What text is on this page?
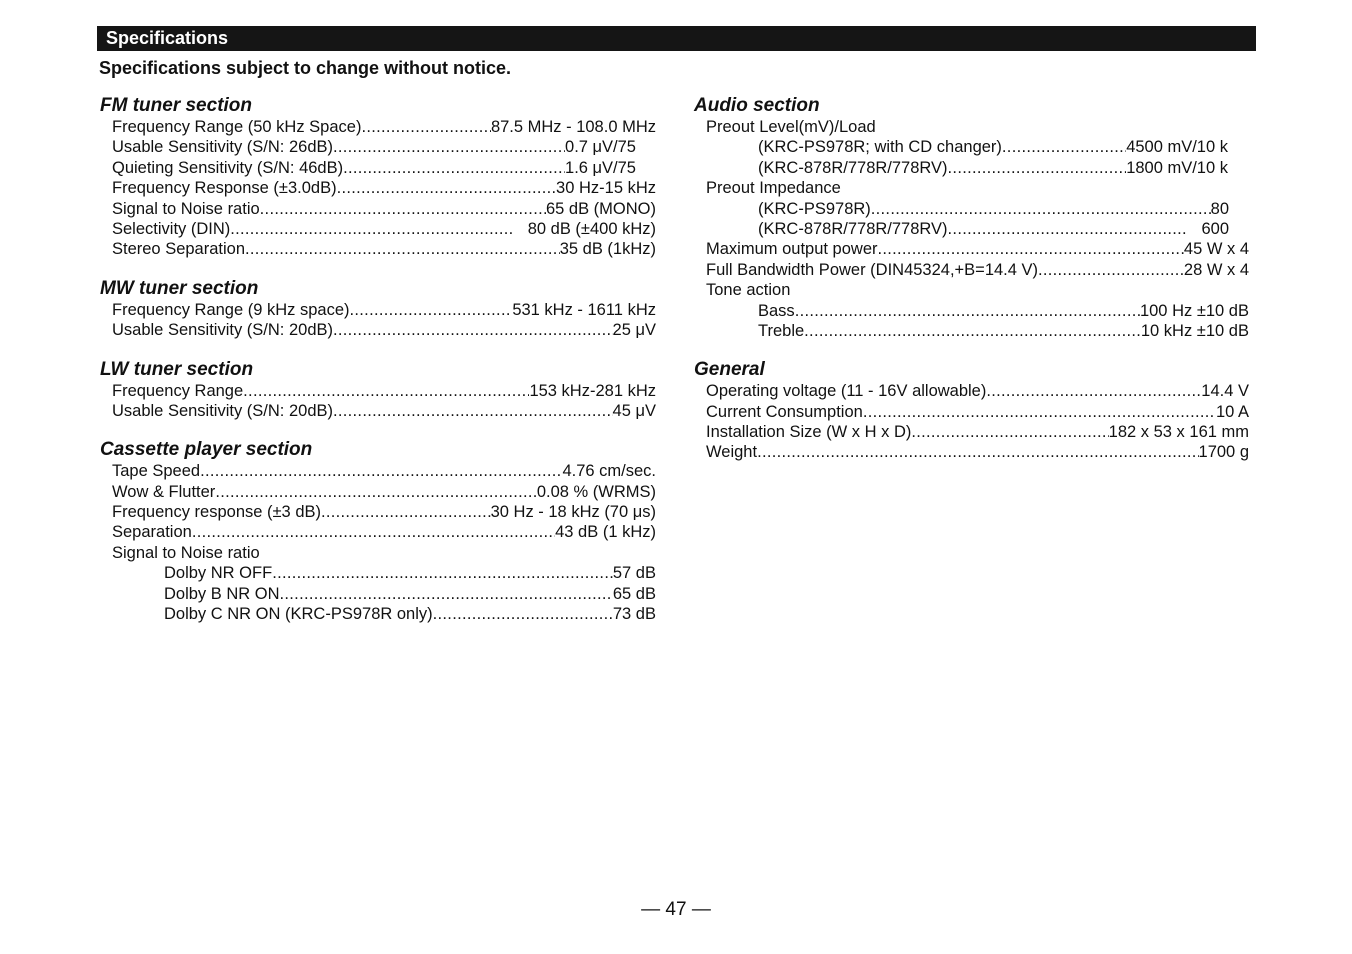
Specifications
Specifications subject to change without notice.
FM tuner section
Frequency Range (50 kHz Space) .....	87.5 MHz - 108.0 MHz
Usable Sensitivity (S/N: 26dB) .....	0.7 μV/75
Quieting Sensitivity (S/N: 46dB) .....	1.6 μV/75
Frequency Response (±3.0dB) .....	30 Hz-15 kHz
Signal to Noise ratio .....	65 dB (MONO)
Selectivity (DIN) .....	80 dB (±400 kHz)
Stereo Separation .....	35 dB (1kHz)
MW tuner section
Frequency Range (9 kHz space) .....	531 kHz - 1611 kHz
Usable Sensitivity (S/N: 20dB) .....	25 μV
LW tuner section
Frequency Range .....	153 kHz-281 kHz
Usable Sensitivity (S/N: 20dB) .....	45 μV
Cassette player section
Tape Speed .....	4.76 cm/sec.
Wow & Flutter .....	0.08 % (WRMS)
Frequency response (±3 dB) .....	30 Hz - 18 kHz (70 μs)
Separation .....	43 dB (1 kHz)
Signal to Noise ratio
Dolby NR OFF .....	57 dB
Dolby B NR ON .....	65 dB
Dolby C NR ON (KRC-PS978R only) .....	73 dB
Audio section
Preout Level(mV)/Load
(KRC-PS978R; with CD changer) .....	4500 mV/10 k
(KRC-878R/778R/778RV) .....	1800 mV/10 k
Preout Impedance
(KRC-PS978R) .....	80
(KRC-878R/778R/778RV) .....	600
Maximum output power .....	45 W x 4
Full Bandwidth Power (DIN45324,+B=14.4 V) .....	28 W x 4
Tone action
Bass .....	100 Hz ±10 dB
Treble .....	10 kHz ±10 dB
General
Operating voltage (11 - 16V allowable) .....	14.4 V
Current Consumption .....	10 A
Installation Size (W x H x D) .....	182 x 53 x 161 mm
Weight .....	1700 g
— 47 —
